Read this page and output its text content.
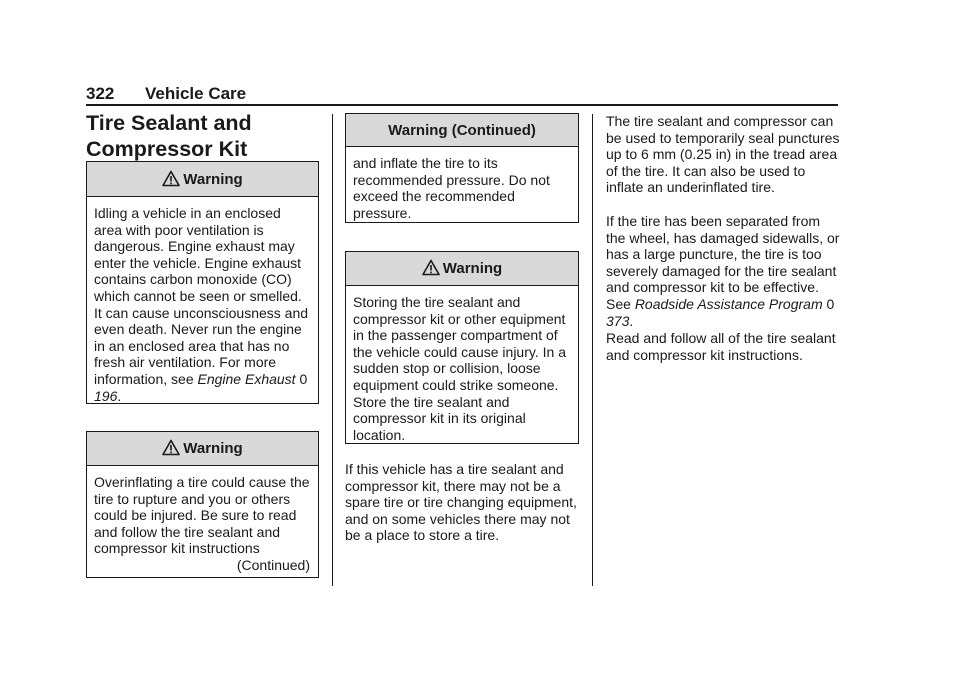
322 Vehicle Care
Tire Sealant and
Compressor Kit
Warning

Idling a vehicle in an enclosed area with poor ventilation is dangerous. Engine exhaust may enter the vehicle. Engine exhaust contains carbon monoxide (CO) which cannot be seen or smelled. It can cause unconsciousness and even death. Never run the engine in an enclosed area that has no fresh air ventilation. For more information, see Engine Exhaust 0 196.

Warning

Overinflating a tire could cause the tire to rupture and you or others could be injured. Be sure to read and follow the tire sealant and compressor kit instructions

(Continued)
Warning (Continued)

and inflate the tire to its recommended pressure. Do not exceed the recommended pressure.

Warning

Storing the tire sealant and compressor kit or other equipment in the passenger compartment of the vehicle could cause injury. In a sudden stop or collision, loose equipment could strike someone. Store the tire sealant and compressor kit in its original location.

If this vehicle has a tire sealant and compressor kit, there may not be a spare tire or tire changing equipment, and on some vehicles there may not be a place to store a tire.

The tire sealant and compressor can be used to temporarily seal punctures up to 6 mm (0.25 in) in the tread area of the tire. It can also be used to inflate an underinflated tire.

If the tire has been separated from the wheel, has damaged sidewalls, or has a large puncture, the tire is too severely damaged for the tire sealant and compressor kit to be effective. See Roadside Assistance Program 0 373.

Read and follow all of the tire sealant and compressor kit instructions.
